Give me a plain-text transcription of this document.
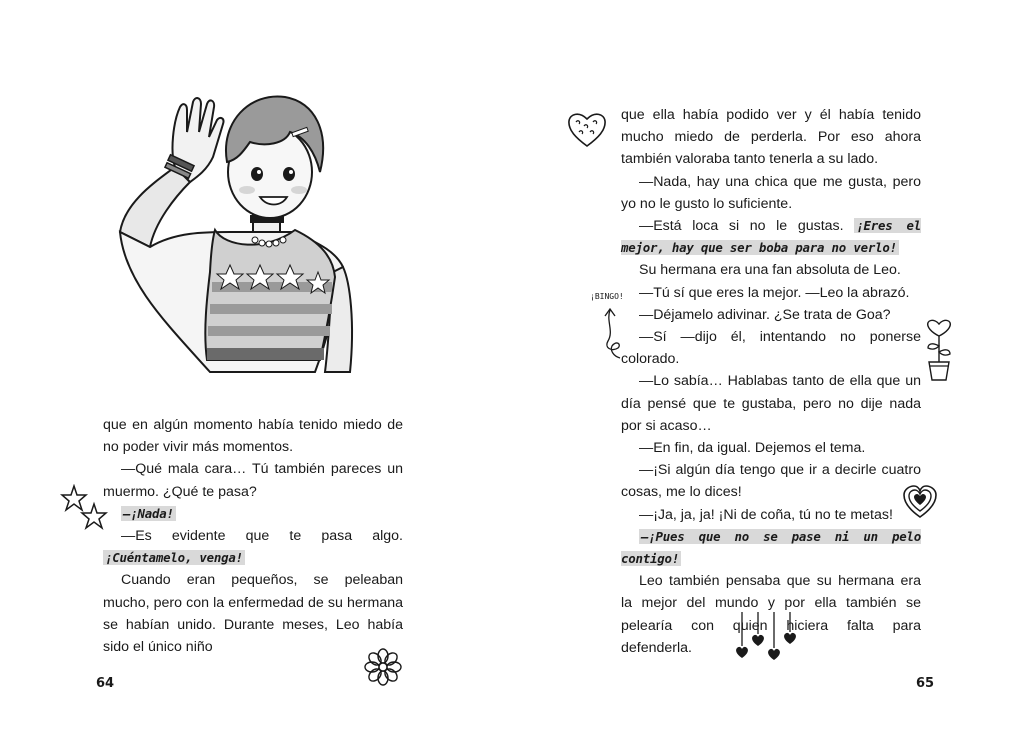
que en algún momento había tenido miedo de no poder vivir más momentos.

—Qué mala cara… Tú también pareces un muermo. ¿Qué te pasa?

—¡Nada!

—Es evidente que te pasa algo. ¡Cuéntamelo, venga!

Cuando eran pequeños, se peleaban mucho, pero con la enfermedad de su hermana se habían unido. Durante meses, Leo había sido el único niño

64

que ella había podido ver y él había tenido mucho miedo de perderla. Por eso ahora también valoraba tanto tenerla a su lado.

—Nada, hay una chica que me gusta, pero yo no le gusto lo suficiente.

—Está loca si no le gustas. ¡Eres el mejor, hay que ser boba para no verlo!

Su hermana era una fan absoluta de Leo.

—Tú sí que eres la mejor. —Leo la abrazó.

—Déjamelo adivinar. ¿Se trata de Goa?

—Sí —dijo él, intentando no ponerse colorado.

—Lo sabía… Hablabas tanto de ella que un día pensé que te gustaba, pero no dije nada por si acaso…

—En fin, da igual. Dejemos el tema.

—¡Si algún día tengo que ir a decirle cuatro cosas, me lo dices!

—¡Ja, ja, ja! ¡Ni de coña, tú no te metas!

—¡Pues que no se pase ni un pelo contigo!

Leo también pensaba que su hermana era la mejor del mundo y por ella también se pelearía con quien hiciera falta para defenderla.

¡BINGO!
65
